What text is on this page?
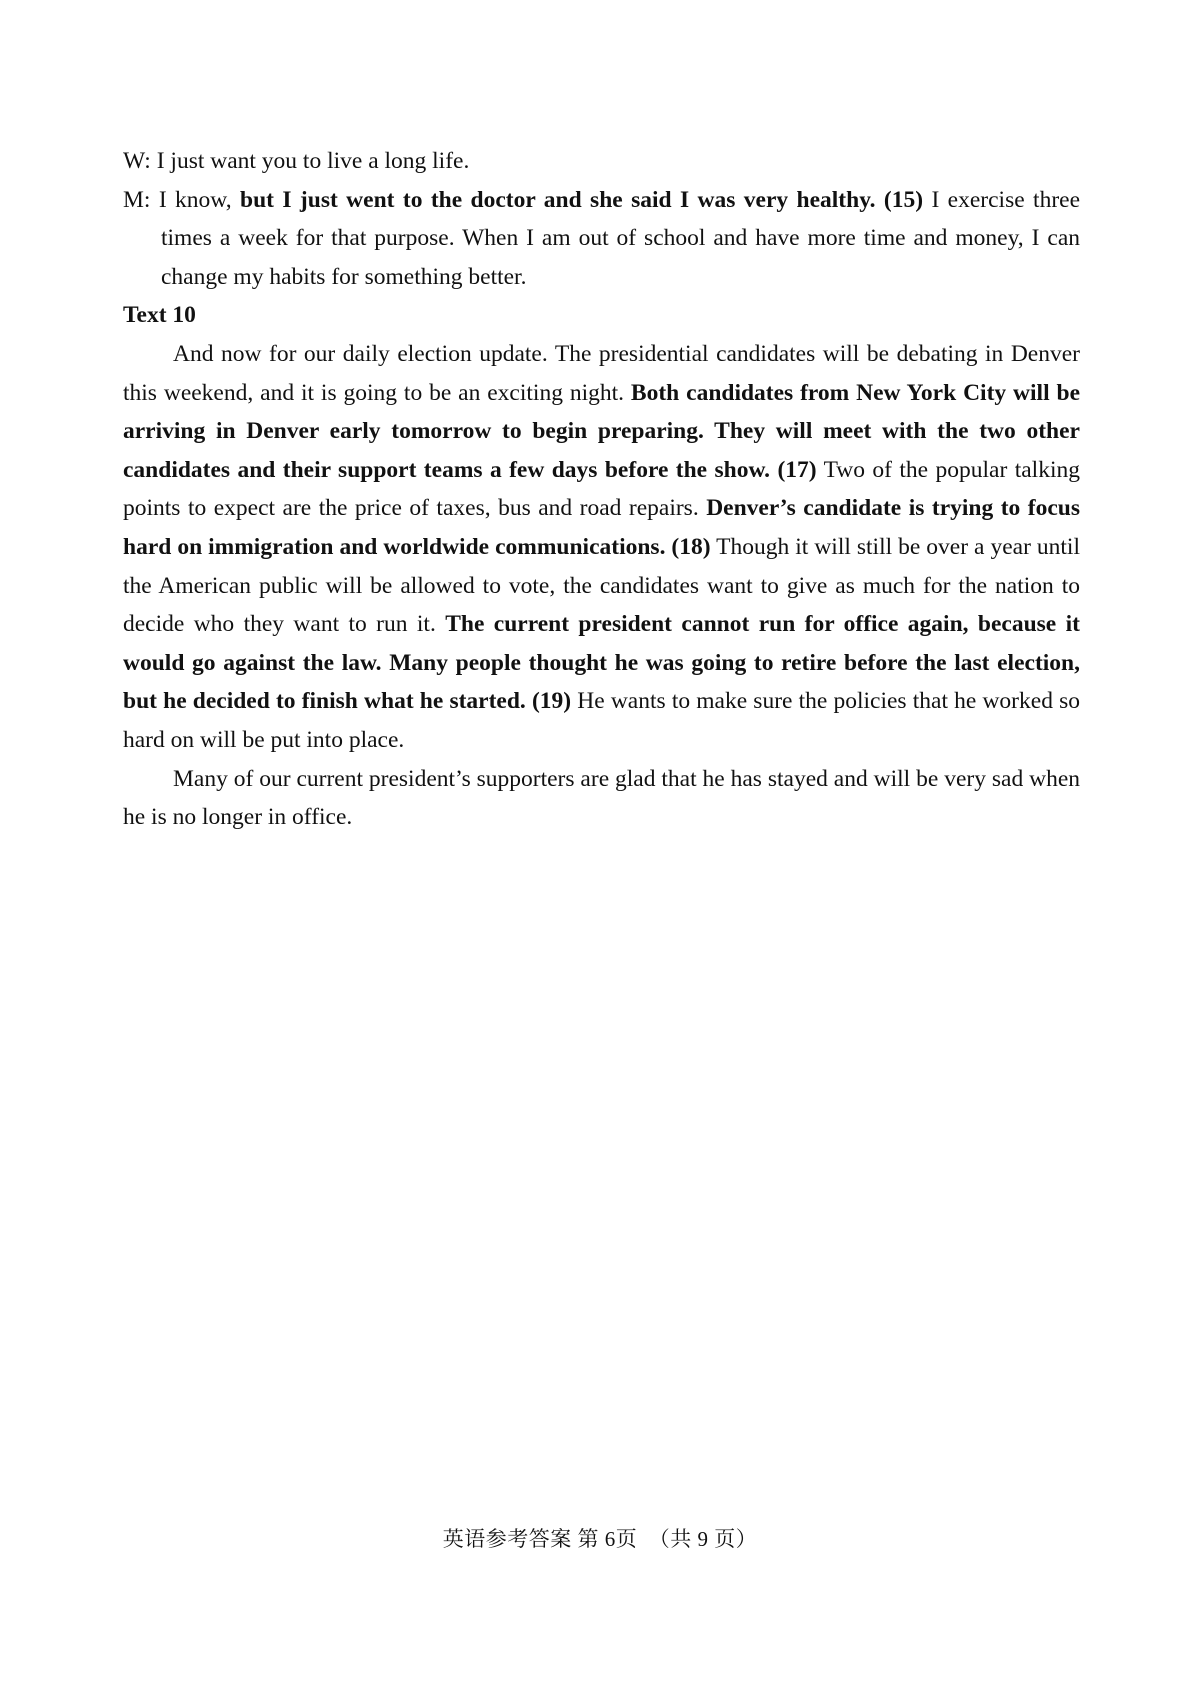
W: I just want you to live a long life.

M: I know, but I just went to the doctor and she said I was very healthy. (15) I exercise three times a week for that purpose. When I am out of school and have more time and money, I can change my habits for something better.

Text 10

And now for our daily election update. The presidential candidates will be debating in Denver this weekend, and it is going to be an exciting night. Both candidates from New York City will be arriving in Denver early tomorrow to begin preparing. They will meet with the two other candidates and their support teams a few days before the show. (17) Two of the popular talking points to expect are the price of taxes, bus and road repairs. Denver’s candidate is trying to focus hard on immigration and worldwide communications. (18) Though it will still be over a year until the American public will be allowed to vote, the candidates want to give as much for the nation to decide who they want to run it. The current president cannot run for office again, because it would go against the law. Many people thought he was going to retire before the last election, but he decided to finish what he started. (19) He wants to make sure the policies that he worked so hard on will be put into place.

Many of our current president’s supporters are glad that he has stayed and will be very sad when he is no longer in office.

英语参考答案 第 6页 （共 9 页）
